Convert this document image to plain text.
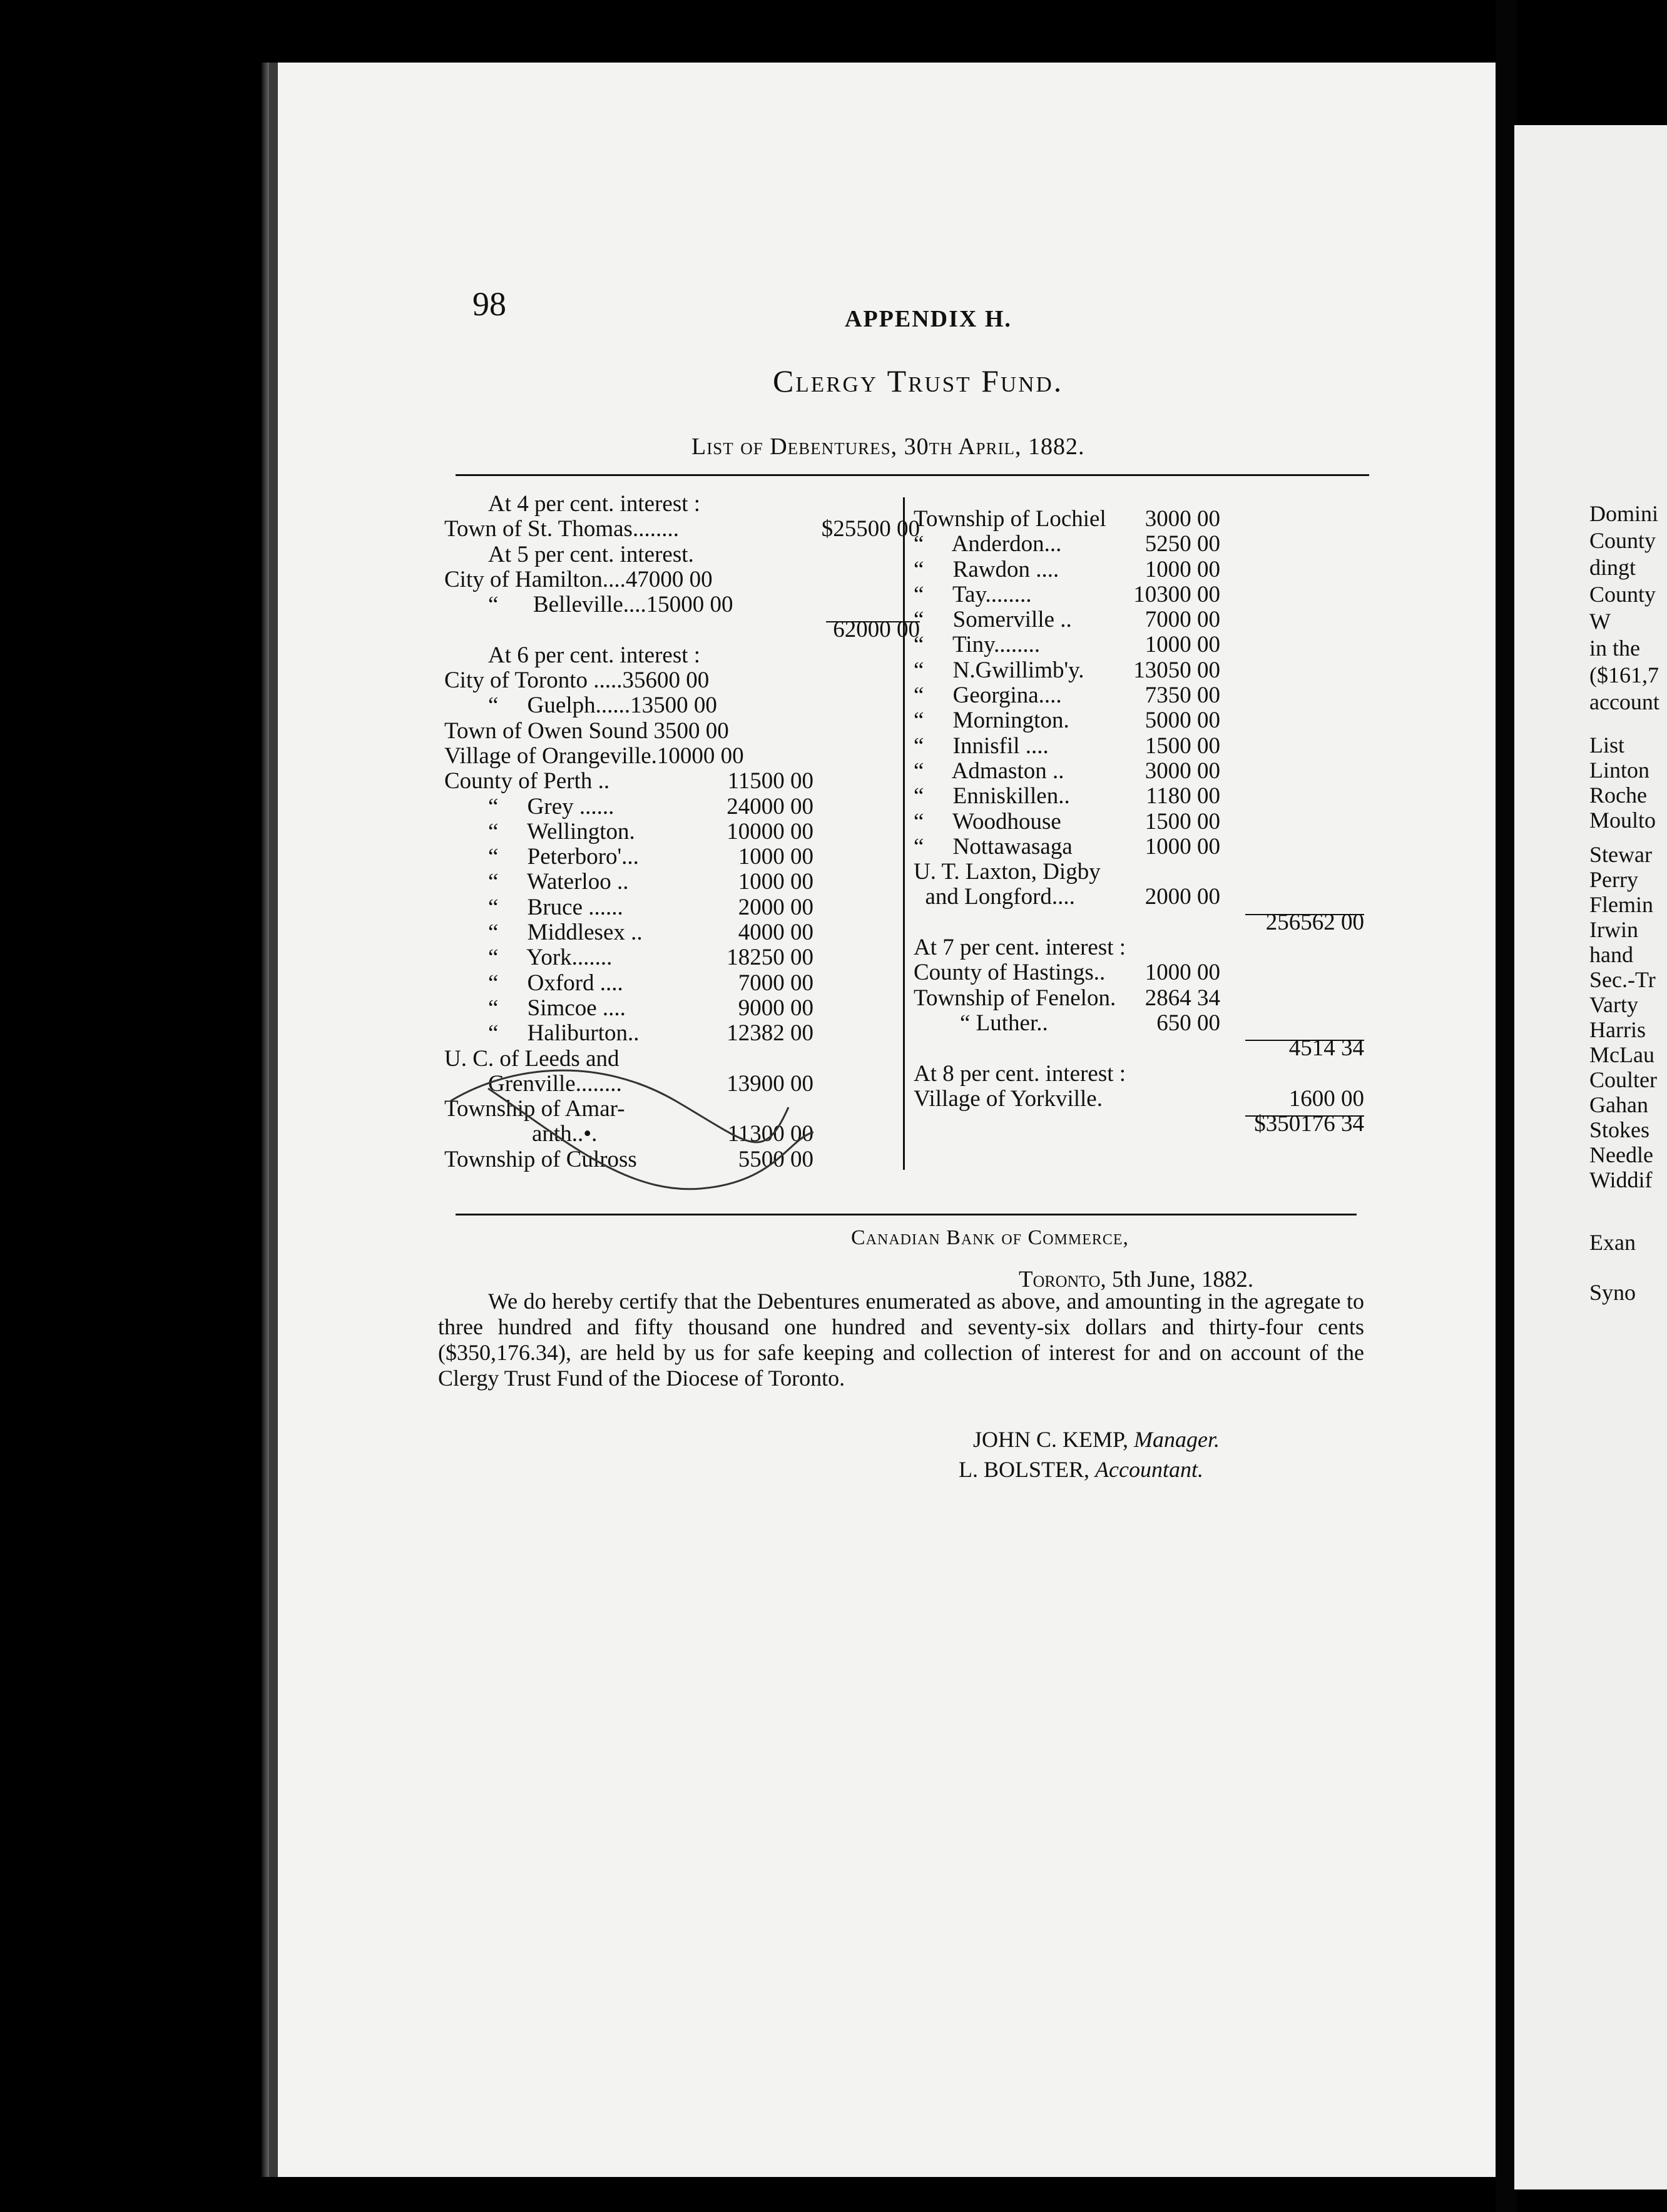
98	APPENDIX H.
Clergy Trust Fund.
List of Debentures, 30th April, 1882.
At 4 per cent. interest :
Town of St. Thomas........	$25500 00
At 5 per cent. interest.
City of Hamilton....47000 00
“      Belleville....15000 00
62000 00
At 6 per cent. interest :
City of Toronto .....35600 00
“     Guelph......13500 00
Town of Owen Sound 3500 00
Village of Orangeville.10000 00
County of Perth ..	11500 00
“     Grey ......	24000 00
“     Wellington.	10000 00
“     Peterboro'...	1000 00
“     Waterloo ..	1000 00
“     Bruce ......	2000 00
“     Middlesex ..	4000 00
“     York.......	18250 00
“     Oxford ....	7000 00
“     Simcoe ....	9000 00
“     Haliburton..	12382 00
U. C. of Leeds and
Grenville........	13900 00
Township of Amar-
anth..•.	11300 00
Township of Culross	5500 00
Township of Lochiel 3000 00
“     Anderdon...	5250 00
“     Rawdon ....	1000 00
“     Tay........	10300 00
“     Somerville ..	7000 00
“     Tiny........	1000 00
“     N.Gwillimb'y. 13050 00
“     Georgina....	7350 00
“     Mornington.	5000 00
“     Innisfil ....	1500 00
“     Admaston ..	3000 00
“     Enniskillen..	1180 00
“     Woodhouse	1500 00
“     Nottawasaga	1000 00
U. T. Laxton, Digby
and Longford....	2000 00
256562 00
At 7 per cent. interest :
County of Hastings.. 1000 00
Township of Fenelon. 2864 34
“ Luther..	650 00
4514 34
At 8 per cent. interest :
Village of Yorkville.	1600 00
$350176 34
Canadian Bank of Commerce,
Toronto, 5th June, 1882.
We do hereby certify that the Debentures enumerated as above, and amounting in the agregate to three hundred and fifty thousand one hundred and seventy-six dollars and thirty-four cents ($350,176.34), are held by us for safe keeping and collection of interest for and on account of the Clergy Trust Fund of the Diocese of Toronto.
JOHN C. KEMP, Manager.
L. BOLSTER, Accountant.
Domini
County
dingt
County
W
in the
($161,7
account
List
Linton
Roche
Moulto
Stewar
Perry
Flemin
Irwin
hand
Sec.-Tr
Varty
Harris
McLau
Coulter
Gahan
Stokes
Needle
Widdif
Exan
Syno
